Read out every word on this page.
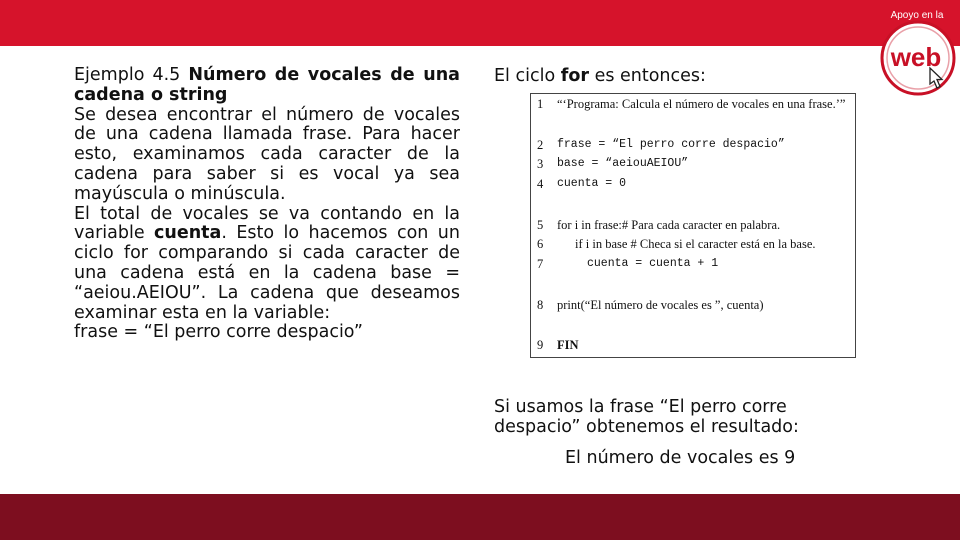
Apoyo en la
web

Ejemplo 4.5 Número de vocales de una cadena o string

Se desea encontrar el número de vocales de una cadena llamada frase. Para hacer esto, examinamos cada caracter de la cadena para saber si es vocal ya sea mayúscula o minúscula.

El total de vocales se va contando en la variable cuenta. Esto lo hacemos con un ciclo for comparando si cada caracter de una cadena está en la cadena base = “aeiou.AEIOU”. La cadena que deseamos examinar esta en la variable:

frase = “El perro corre despacio”

El ciclo for es entonces:
1	“‘Programa: Calcula el número de vocales en una frase.’”
2	frase = “El perro corre despacio”
3	base = “aeiouAEIOU”
4	cuenta = 0
5	for i in frase:# Para cada caracter en palabra.
6	if i in base # Checa si el caracter está en la base.
7	cuenta = cuenta + 1
8	print(“El número de vocales es ”, cuenta)
9	FIN
Si usamos la frase “El perro corre despacio” obtenemos el resultado:
El número de vocales es 9
